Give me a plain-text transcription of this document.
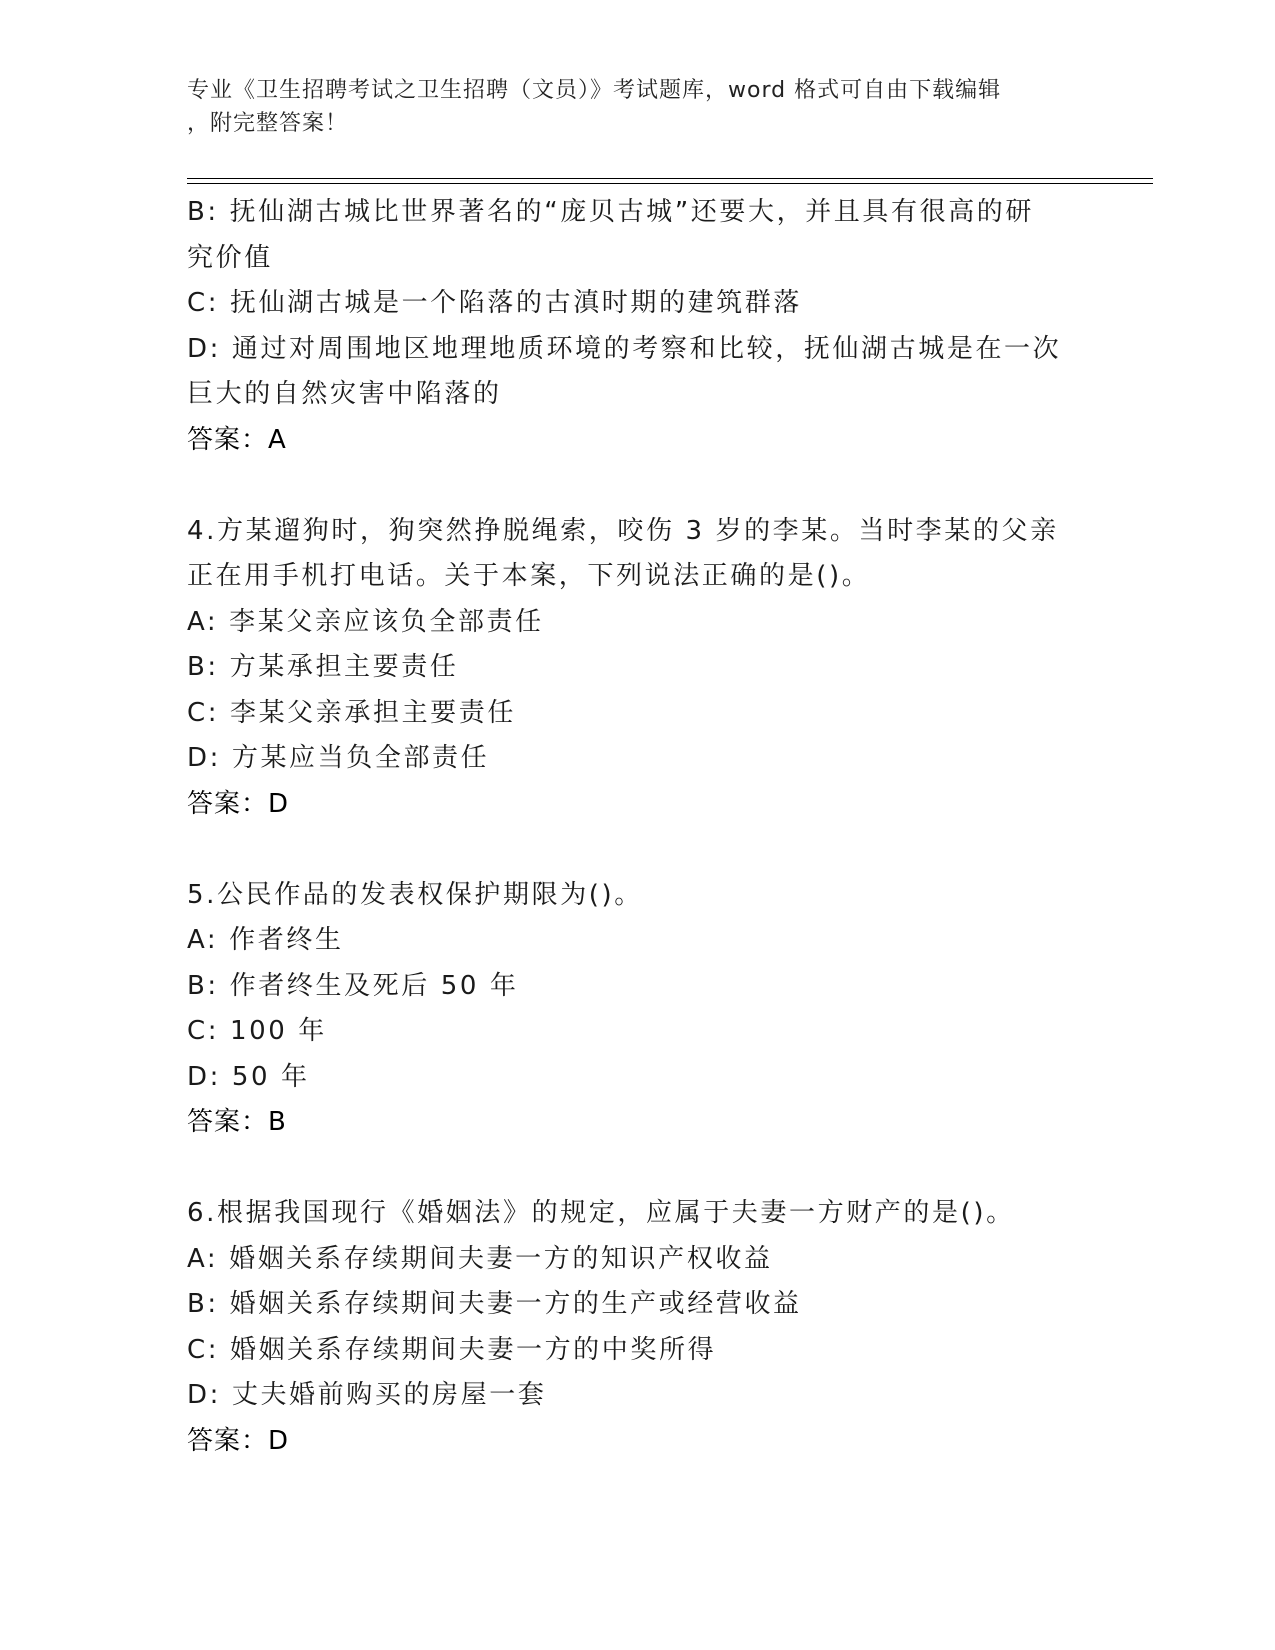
专业《卫生招聘考试之卫生招聘（文员）》考试题库，word 格式可自由下载编辑
，附完整答案！
B: 抚仙湖古城比世界著名的“庞贝古城”还要大，并且具有很高的研
究价值
C: 抚仙湖古城是一个陷落的古滇时期的建筑群落
D: 通过对周围地区地理地质环境的考察和比较，抚仙湖古城是在一次
巨大的自然灾害中陷落的
答案：A
4.方某遛狗时，狗突然挣脱绳索，咬伤 3 岁的李某。当时李某的父亲
正在用手机打电话。关于本案，下列说法正确的是()。
A: 李某父亲应该负全部责任
B: 方某承担主要责任
C: 李某父亲承担主要责任
D: 方某应当负全部责任
答案：D
5.公民作品的发表权保护期限为()。
A: 作者终生
B: 作者终生及死后 50 年
C: 100 年
D: 50 年
答案：B
6.根据我国现行《婚姻法》的规定，应属于夫妻一方财产的是()。
A: 婚姻关系存续期间夫妻一方的知识产权收益
B: 婚姻关系存续期间夫妻一方的生产或经营收益
C: 婚姻关系存续期间夫妻一方的中奖所得
D: 丈夫婚前购买的房屋一套
答案：D
